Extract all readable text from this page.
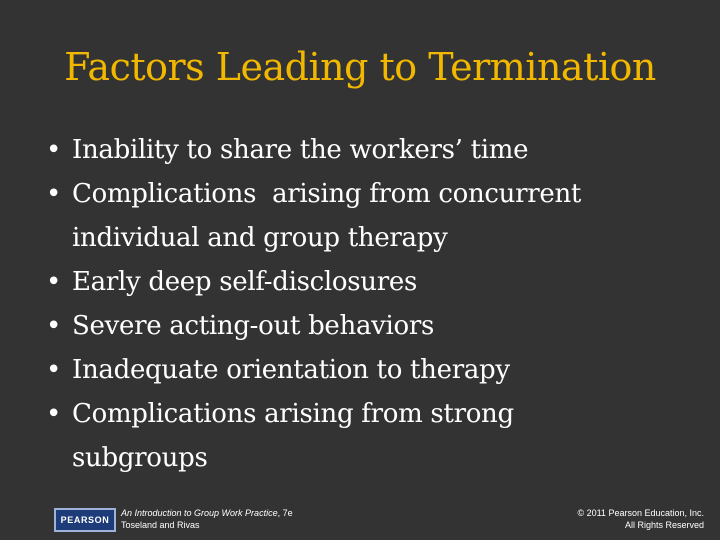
Factors Leading to Termination
• Inability to share the workers’ time
• Complications  arising from concurrent
individual and group therapy
• Early deep self-disclosures
• Severe acting-out behaviors
• Inadequate orientation to therapy
• Complications arising from strong
subgroups
PEARSON
An Introduction to Group Work Practice, 7e
Toseland and Rivas
© 2011 Pearson Education, Inc.
All Rights Reserved
